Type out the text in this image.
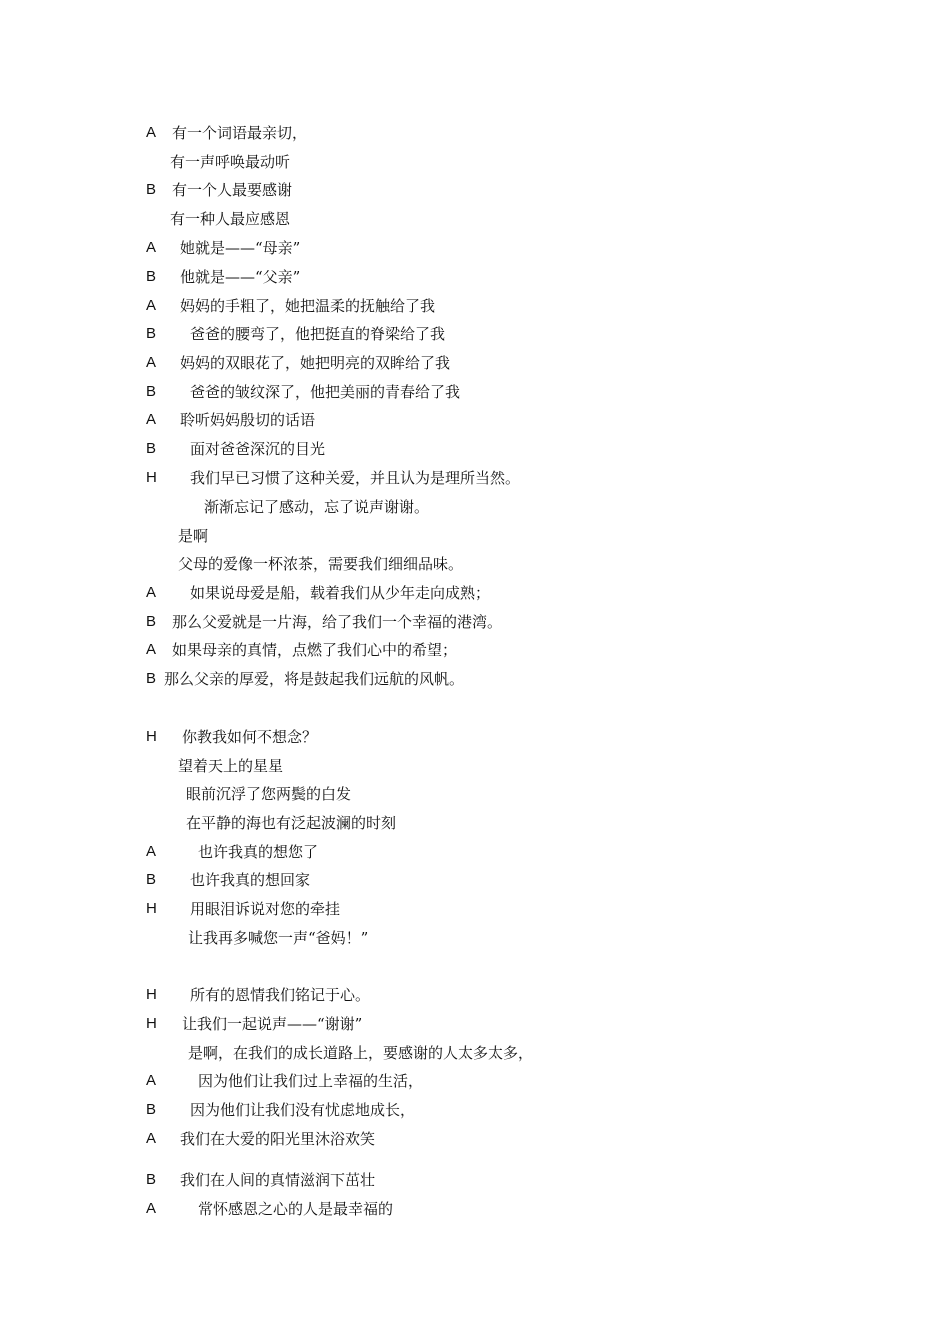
A 有一个词语最亲切，
有一声呼唤最动听
B 有一个人最要感谢
有一种人最应感恩
A 她就是——“母亲”
B 他就是——“父亲”
A 妈妈的手粗了，她把温柔的抚触给了我
B 爸爸的腰弯了，他把挺直的脊梁给了我
A 妈妈的双眼花了，她把明亮的双眸给了我
B 爸爸的皱纹深了，他把美丽的青春给了我
A 聆听妈妈殷切的话语
B 面对爸爸深沉的目光
H 我们早已习惯了这种关爱，并且认为是理所当然。
渐渐忘记了感动，忘了说声谢谢。
是啊
父母的爱像一杯浓茶，需要我们细细品味。
A 如果说母爱是船，载着我们从少年走向成熟；
B 那么父爱就是一片海，给了我们一个幸福的港湾。
A 如果母亲的真情，点燃了我们心中的希望；
B 那么父亲的厚爱，将是鼓起我们远航的风帆。
H 你教我如何不想念？
望着天上的星星
眼前沉浮了您两鬓的白发
在平静的海也有泛起波澜的时刻
A	也许我真的想您了
B 也许我真的想回家
H 用眼泪诉说对您的牵挂
让我再多喊您一声“爸妈！”
H 所有的恩情我们铭记于心。
H 让我们一起说声——“谢谢”
是啊，在我们的成长道路上，要感谢的人太多太多，
A	因为他们让我们过上幸福的生活，
B 因为他们让我们没有忧虑地成长，
A 我们在大爱的阳光里沐浴欢笑
B 我们在人间的真情滋润下茁壮
A	常怀感恩之心的人是最幸福的
